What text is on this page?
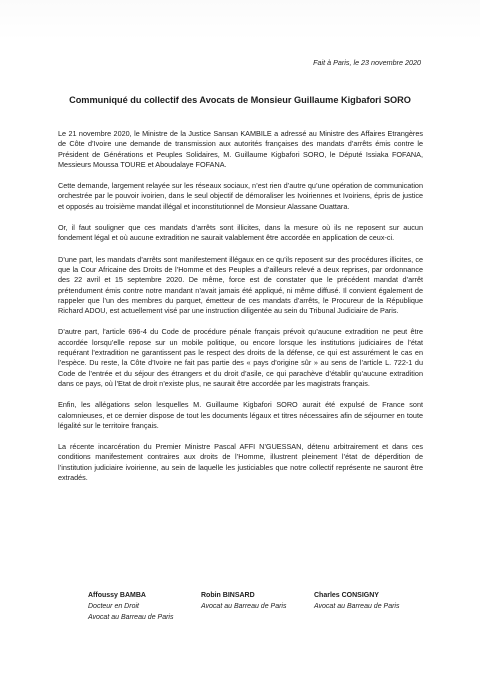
Fait à Paris, le 23 novembre 2020
Communiqué du collectif des Avocats de Monsieur Guillaume Kigbafori SORO

Le 21 novembre 2020, le Ministre de la Justice Sansan KAMBILE a adressé au Ministre des Affaires Etrangères de Côte d’Ivoire une demande de transmission aux autorités françaises des mandats d’arrêts émis contre le Président de Générations et Peuples Solidaires, M. Guillaume Kigbafori SORO, le Député Issiaka FOFANA, Messieurs Moussa TOURE et Aboudalaye FOFANA.

Cette demande, largement relayée sur les réseaux sociaux, n’est rien d’autre qu’une opération de communication orchestrée par le pouvoir ivoirien, dans le seul objectif de démoraliser les Ivoiriennes et Ivoiriens, épris de justice et opposés au troisième mandat illégal et inconstitutionnel de Monsieur Alassane Ouattara.

Or, il faut souligner que ces mandats d’arrêts sont illicites, dans la mesure où ils ne reposent sur aucun fondement légal et où aucune extradition ne saurait valablement être accordée en application de ceux-ci.

D’une part, les mandats d’arrêts sont manifestement illégaux en ce qu’ils reposent sur des procédures illicites, ce que la Cour Africaine des Droits de l’Homme et des Peuples a d’ailleurs relevé a deux reprises, par ordonnance des 22 avril et 15 septembre 2020. De même, force est de constater que le précédent mandat d’arrêt prétendument émis contre notre mandant n’avait jamais été appliqué, ni même diffusé. Il convient également de rappeler que l’un des membres du parquet, émetteur de ces mandats d’arrêts, le Procureur de la République Richard ADOU, est actuellement visé par une instruction diligentée au sein du Tribunal Judiciaire de Paris.

D’autre part, l’article 696-4 du Code de procédure pénale français prévoit qu’aucune extradition ne peut être accordée lorsqu’elle repose sur un mobile politique, ou encore lorsque les institutions judiciaires de l’état requérant l’extradition ne garantissent pas le respect des droits de la défense, ce qui est assurément le cas en l’espèce. Du reste, la Côte d’Ivoire ne fait pas partie des « pays d’origine sûr » au sens de l’article L. 722-1 du Code de l’entrée et du séjour des étrangers et du droit d’asile, ce qui parachève d’établir qu’aucune extradition dans ce pays, où l’Etat de droit n’existe plus, ne saurait être accordée par les magistrats français.

Enfin, les allégations selon lesquelles M. Guillaume Kigbafori SORO aurait été expulsé de France sont calomnieuses, et ce dernier dispose de tout les documents légaux et titres nécessaires afin de séjourner en toute légalité sur le territoire français.

La récente incarcération du Premier Ministre Pascal AFFI N’GUESSAN, détenu arbitrairement et dans ces conditions manifestement contraires aux droits de l’Homme, illustrent pleinement l’état de déperdition de l’institution judiciaire ivoirienne, au sein de laquelle les justiciables que notre collectif représente ne sauront être extradés.

Affoussy BAMBA
Docteur en Droit
Avocat au Barreau de Paris
Robin BINSARD
Avocat au Barreau de Paris
Charles CONSIGNY
Avocat au Barreau de Paris
